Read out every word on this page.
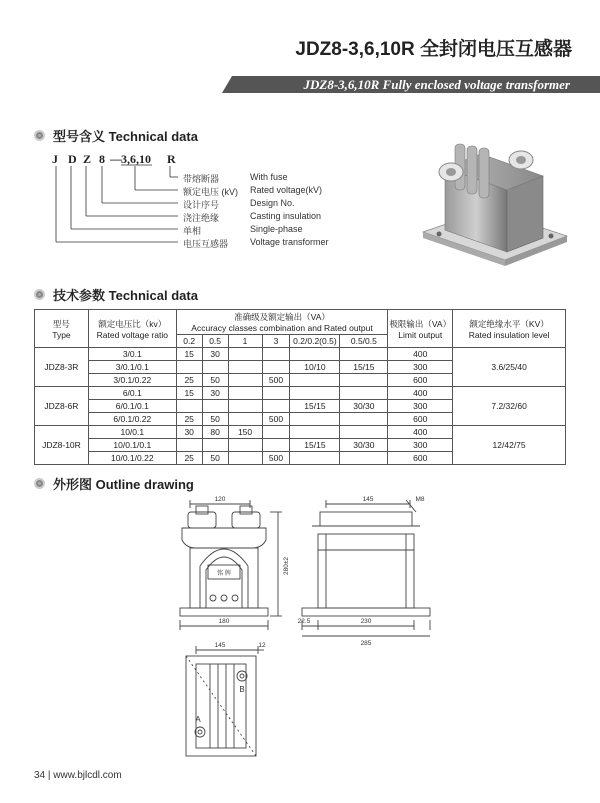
JDZ8-3,6,10R 全封闭电压互感器
JDZ8-3,6,10R Fully enclosed voltage transformer
型号含义 Technical data
J D Z 8 — 3,6,10 R
带熔断器	With fuse
额定电压 (kV) Rated voltage(kV)
设计序号	Design No.
浇注绝缘	Casting insulation
单相	Single-phase
电压互感器 Voltage transformer
技术参数 Technical data
型号
Type	额定电压比（kv）
Rated voltage ratio	准确级及额定输出（VA）
Accuracy classes combination and Rated output						极限输出（VA）
Limit output	额定绝缘水平（KV）
Rated insulation level
		0.2	0.5	1	3	0.2/0.2(0.5)	0.5/0.5		
JDZ8-3R	3/0.1	15	30					400	3.6/25/40
	3/0.1/0.1					10/10	15/15	300	
	3/0.1/0.22	25	50		500			600	
JDZ8-6R	6/0.1	15	30					400	7.2/32/60
	6/0.1/0.1					15/15	30/30	300	
	6/0.1/0.22	25	50		500			600	
JDZ8-10R	10/0.1	30	80	150				400	12/42/75
	10/0.1/0.1					15/15	30/30	300	
	10/0.1/0.22	25	50		500			600	
外形图 Outline drawing
120
280±2
180
145	M8
22.5	230
285
145	12
铭 牌
B
A
34 | www.bjlcdl.com
